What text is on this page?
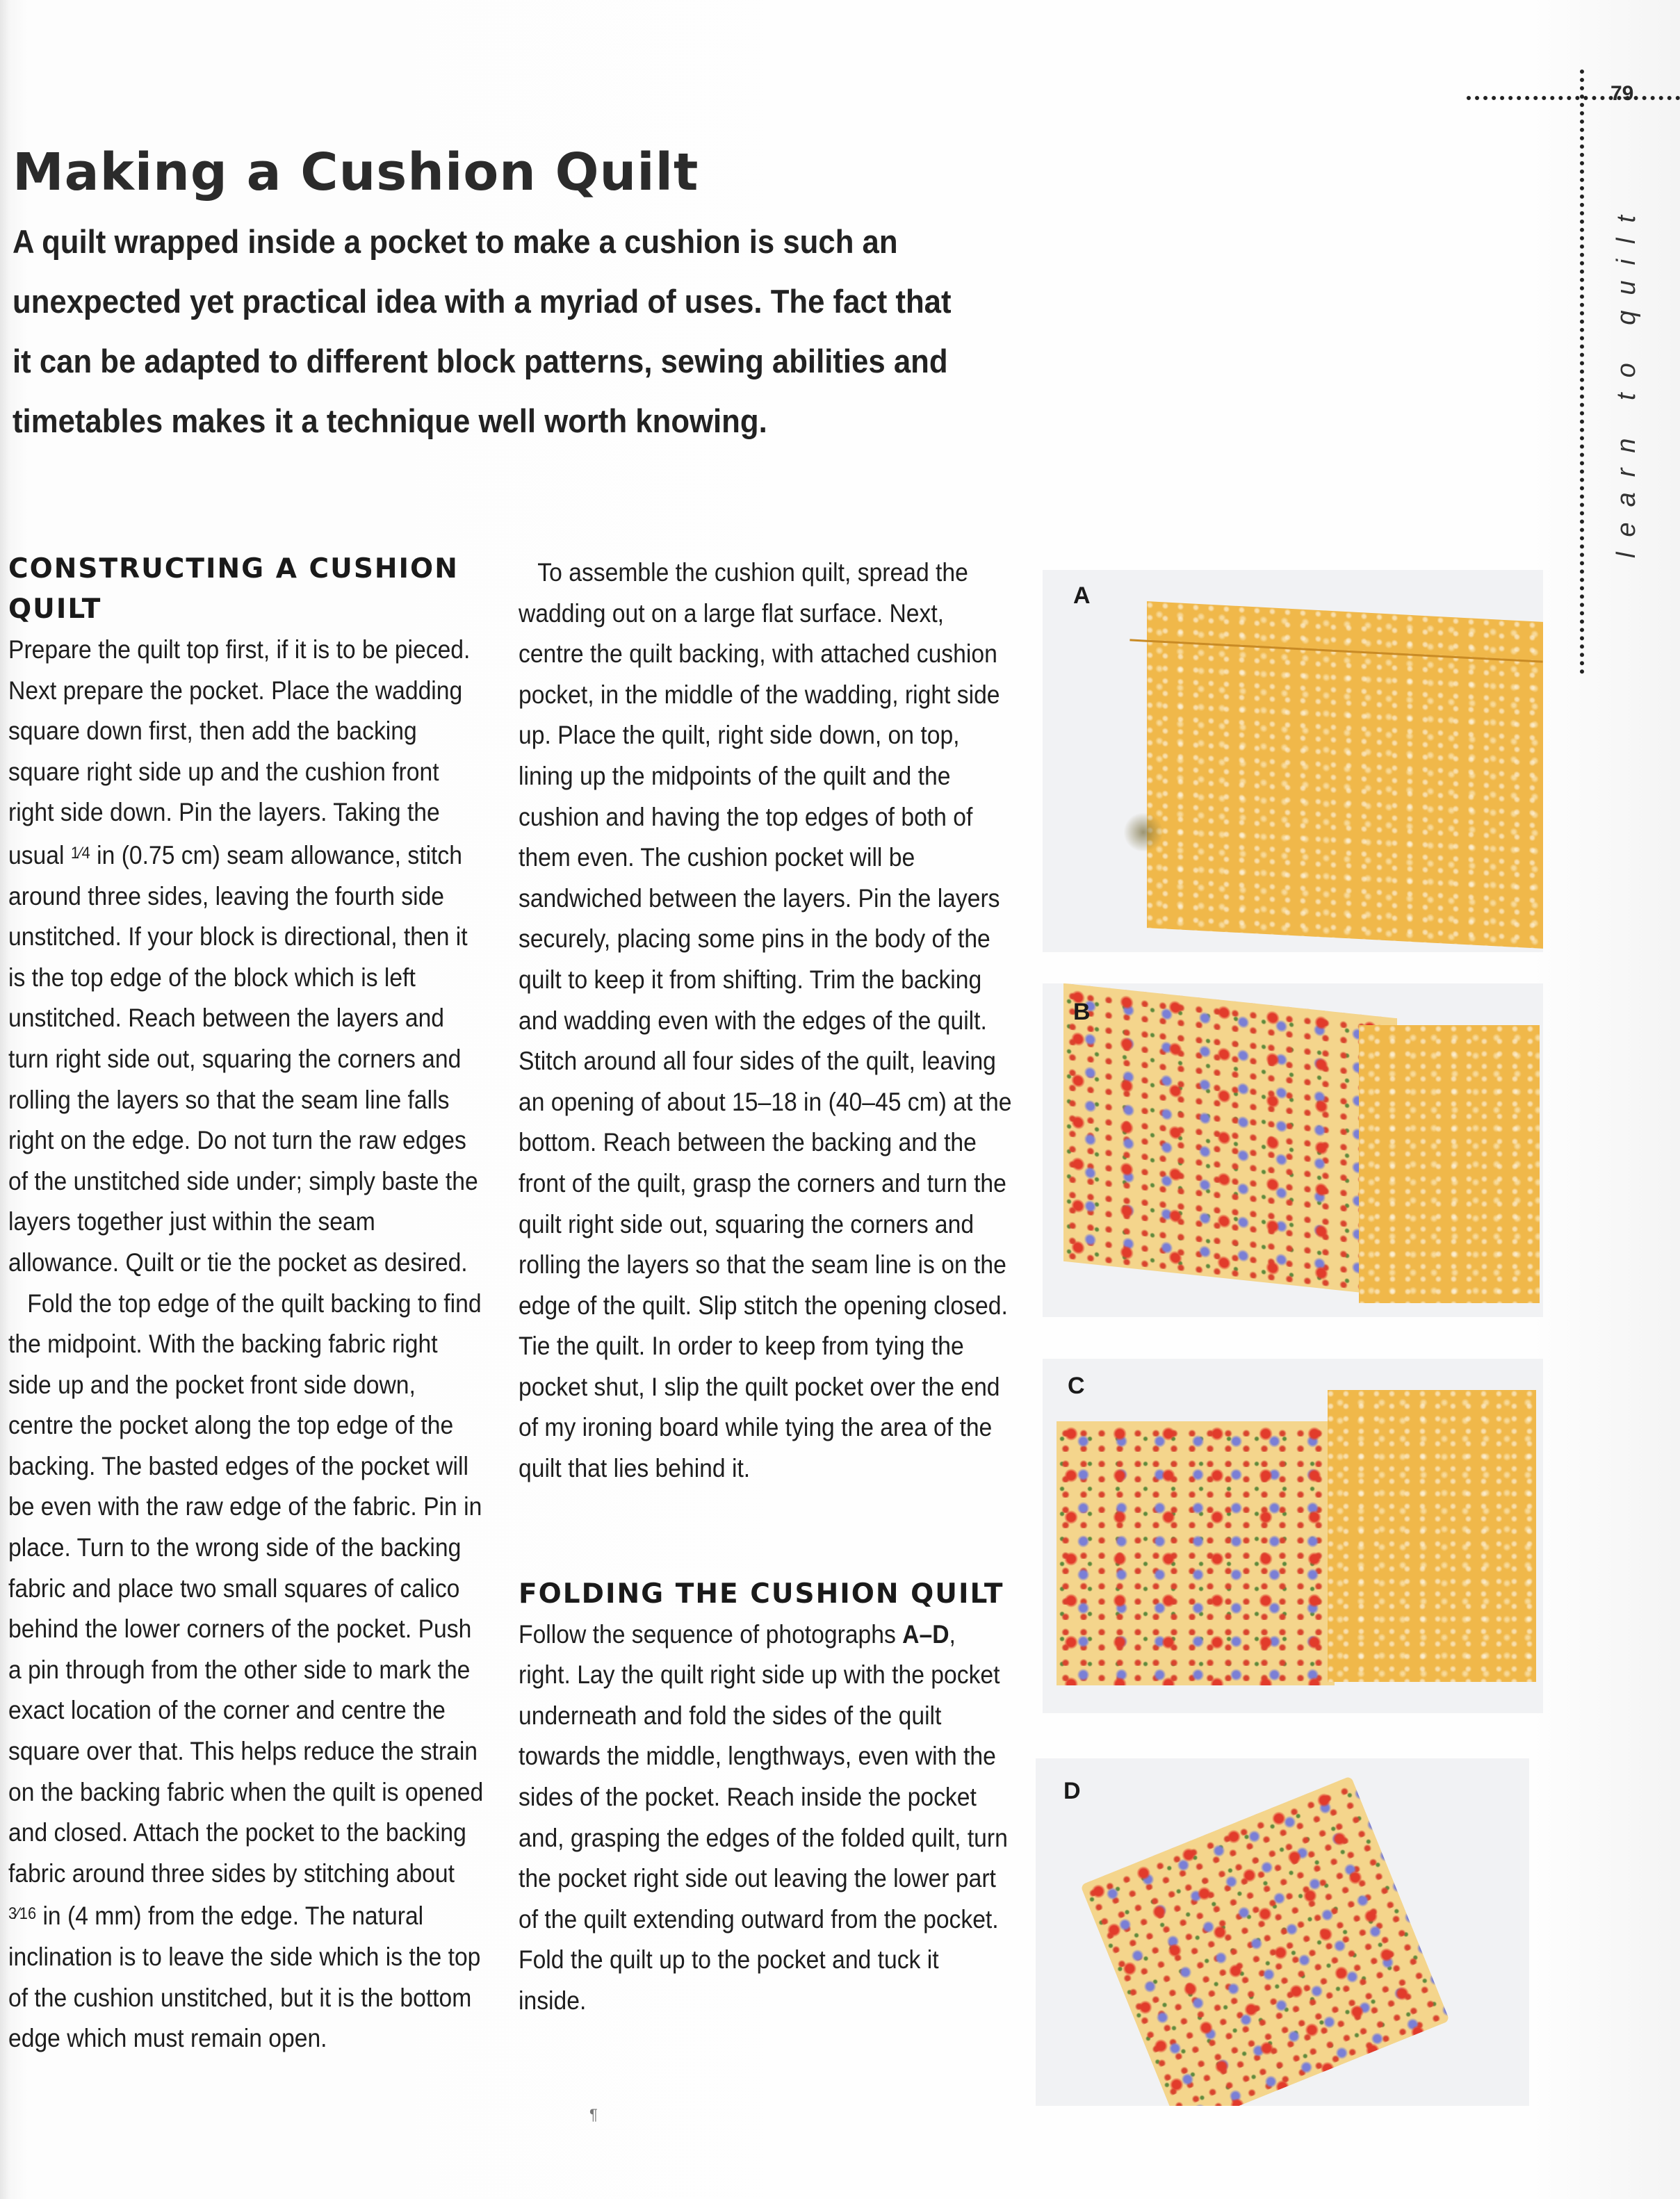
79
learn to quilt
Making a Cushion Quilt

A quilt wrapped inside a pocket to make a cushion is such an unexpected yet practical idea with a myriad of uses. The fact that it can be adapted to different block patterns, sewing abilities and timetables makes it a technique well worth knowing.

CONSTRUCTING A CUSHION QUILT

Prepare the quilt top first, if it is to be pieced. Next prepare the pocket. Place the wadding square down first, then add the backing square right side up and the cushion front right side down. Pin the layers. Taking the usual $^{1⁄4}$ in (0.75 cm) seam allowance, stitch around three sides, leaving the fourth side unstitched. If your block is directional, then it is the top edge of the block which is left unstitched. Reach between the layers and turn right side out, squaring the corners and rolling the layers so that the seam line falls right on the edge. Do not turn the raw edges of the unstitched side under; simply baste the layers together just within the seam allowance. Quilt or tie the pocket as desired.

Fold the top edge of the quilt backing to find the midpoint. With the backing fabric right side up and the pocket front side down, centre the pocket along the top edge of the backing. The basted edges of the pocket will be even with the raw edge of the fabric. Pin in place. Turn to the wrong side of the backing fabric and place two small squares of calico behind the lower corners of the pocket. Push a pin through from the other side to mark the exact location of the corner and centre the square over that. This helps reduce the strain on the backing fabric when the quilt is opened and closed. Attach the pocket to the backing fabric around three sides by stitching about $^{3⁄16}$ in (4 mm) from the edge. The natural inclination is to leave the side which is the top of the cushion unstitched, but it is the bottom edge which must remain open.

To assemble the cushion quilt, spread the wadding out on a large flat surface. Next, centre the quilt backing, with attached cushion pocket, in the middle of the wadding, right side up. Place the quilt, right side down, on top, lining up the midpoints of the quilt and the cushion and having the top edges of both of them even. The cushion pocket will be sandwiched between the layers. Pin the layers securely, placing some pins in the body of the quilt to keep it from shifting. Trim the backing and wadding even with the edges of the quilt. Stitch around all four sides of the quilt, leaving an opening of about 15–18 in (40–45 cm) at the bottom. Reach between the backing and the front of the quilt, grasp the corners and turn the quilt right side out, squaring the corners and rolling the layers so that the seam line is on the edge of the quilt. Slip stitch the opening closed. Tie the quilt. In order to keep from tying the pocket shut, I slip the quilt pocket over the end of my ironing board while tying the area of the quilt that lies behind it.

FOLDING THE CUSHION QUILT

Follow the sequence of photographs A–D, right. Lay the quilt right side up with the pocket underneath and fold the sides of the quilt towards the middle, lengthways, even with the sides of the pocket. Reach inside the pocket and, grasping the edges of the folded quilt, turn the pocket right side out leaving the lower part of the quilt extending outward from the pocket. Fold the quilt up to the pocket and tuck it inside.

A
B
C
D
¶
